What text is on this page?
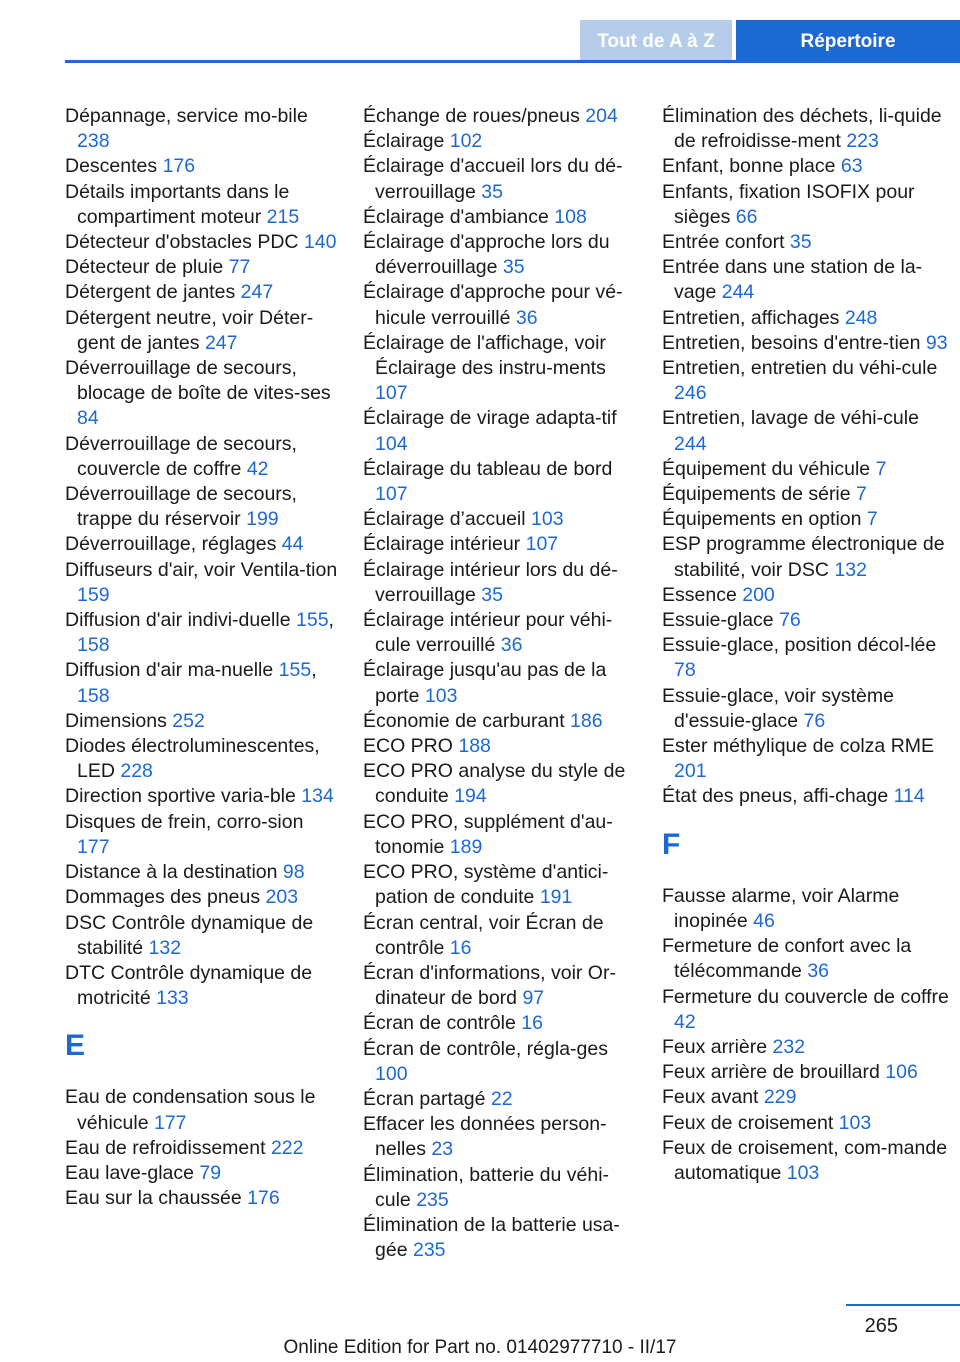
Tout de A à Z	Répertoire
Dépannage, service mo-bile 238
Descentes 176
Détails importants dans le compartiment moteur 215
Détecteur d'obstacles PDC 140
Détecteur de pluie 77
Détergent de jantes 247
Détergent neutre, voir Déter-gent de jantes 247
Déverrouillage de secours, blocage de boîte de vites-ses 84
Déverrouillage de secours, couvercle de coffre 42
Déverrouillage de secours, trappe du réservoir 199
Déverrouillage, réglages 44
Diffuseurs d'air, voir Ventila-tion 159
Diffusion d'air indivi-duelle 155, 158
Diffusion d'air ma-nuelle 155, 158
Dimensions 252
Diodes électroluminescentes, LED 228
Direction sportive varia-ble 134
Disques de frein, corro-sion 177
Distance à la destination 98
Dommages des pneus 203
DSC Contrôle dynamique de stabilité 132
DTC Contrôle dynamique de motricité 133
E
Eau de condensation sous le véhicule 177
Eau de refroidissement 222
Eau lave-glace 79
Eau sur la chaussée 176
Échange de roues/pneus 204
Éclairage 102
Éclairage d'accueil lors du dé-verrouillage 35
Éclairage d'ambiance 108
Éclairage d'approche lors du déverrouillage 35
Éclairage d'approche pour vé-hicule verrouillé 36
Éclairage de l'affichage, voir Éclairage des instru-ments 107
Éclairage de virage adapta-tif 104
Éclairage du tableau de bord 107
Éclairage d’accueil 103
Éclairage intérieur 107
Éclairage intérieur lors du dé-verrouillage 35
Éclairage intérieur pour véhi-cule verrouillé 36
Éclairage jusqu'au pas de la porte 103
Économie de carburant 186
ECO PRO 188
ECO PRO analyse du style de conduite 194
ECO PRO, supplément d'au-tonomie 189
ECO PRO, système d'antici-pation de conduite 191
Écran central, voir Écran de contrôle 16
Écran d'informations, voir Or-dinateur de bord 97
Écran de contrôle 16
Écran de contrôle, régla-ges 100
Écran partagé 22
Effacer les données person-nelles 23
Élimination, batterie du véhi-cule 235
Élimination de la batterie usa-gée 235
Élimination des déchets, li-quide de refroidisse-ment 223
Enfant, bonne place 63
Enfants, fixation ISOFIX pour sièges 66
Entrée confort 35
Entrée dans une station de la-vage 244
Entretien, affichages 248
Entretien, besoins d'entre-tien 93
Entretien, entretien du véhi-cule 246
Entretien, lavage de véhi-cule 244
Équipement du véhicule 7
Équipements de série 7
Équipements en option 7
ESP programme électronique de stabilité, voir DSC 132
Essence 200
Essuie-glace 76
Essuie-glace, position décol-lée 78
Essuie-glace, voir système d'essuie-glace 76
Ester méthylique de colza RME 201
État des pneus, affi-chage 114
F
Fausse alarme, voir Alarme inopinée 46
Fermeture de confort avec la télécommande 36
Fermeture du couvercle de coffre 42
Feux arrière 232
Feux arrière de brouillard 106
Feux avant 229
Feux de croisement 103
Feux de croisement, com-mande automatique 103
265
Online Edition for Part no. 01402977710 - II/17
